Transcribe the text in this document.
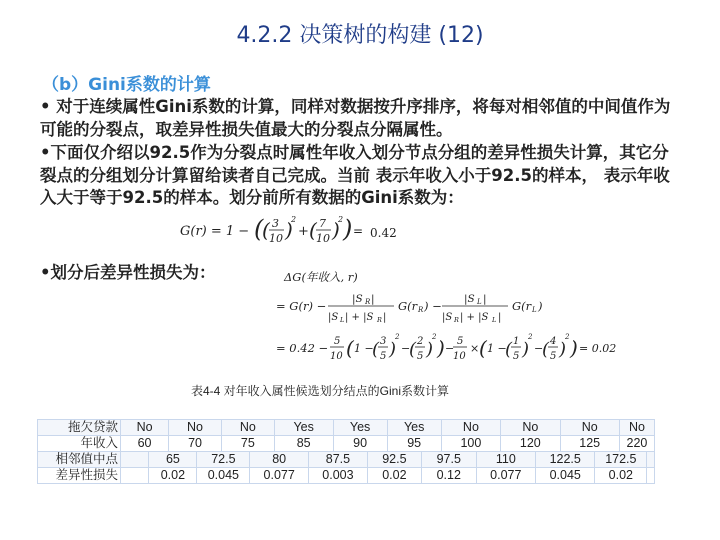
4.2.2 决策树的构建 (12)
（b）Gini系数的计算
• 对于连续属性Gini系数的计算，同样对数据按升序排序，将每对相邻值的中间值作为可能的分裂点，取差异性损失值最大的分裂点分隔属性。
•下面仅介绍以92.5作为分裂点时属性年收入划分节点分组的差异性损失计算，其它分裂点的分组划分计算留给读者自己完成。当前 表示年收入小于92.5的样本， 表示年收入大于等于92.5的样本。划分前所有数据的Gini系数为：
G(r) = 1 − (
( 3
10 )
2
+ ( 7
10 )
2 ) = 0.42
•划分后差异性损失为：	ΔG(年收入, r)
= G(r) − |S R |
|S L | + |S R |
G(r R ) − |S L |
|S R | + |S L |
G(r L )
= 0.42 − 5
10 ( 1 −
( 3
5 )
2
−
( 2
5 )
2 ) −
5
10
× ( 1 −
( 1
5 )
2
−
( 4
5 )
2 ) = 0.02
表4-4 对年收入属性候选划分结点的Gini系数计算
拖欠贷款	No		No		No		Yes		Yes		Yes		No		No		No		No	
年收入	60		70		75		85		90		95		100		120		125		220	
相邻值中点		65		72.5		80		87.5		92.5		97.5		110		122.5		172.5		
差异性损失		0.02		0.045		0.077		0.003		0.02		0.12		0.077		0.045		0.02		
